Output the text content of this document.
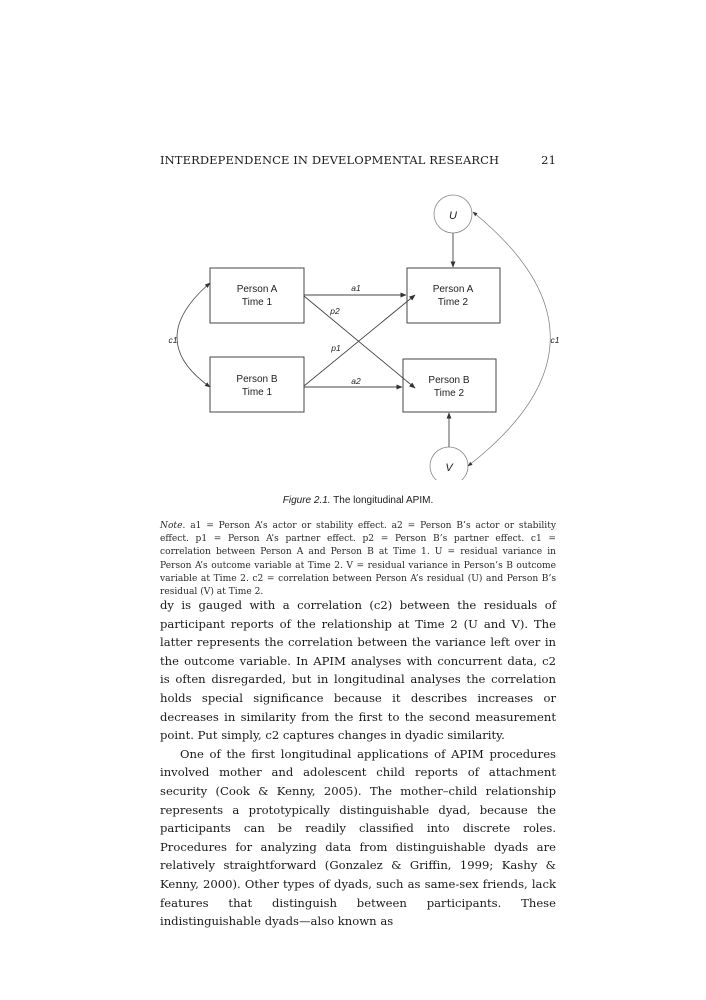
INTERDEPENDENCE IN DEVELOPMENTAL RESEARCH	21
Person A
Time 1
Person B
Time 1
Person A
Time 2
Person B
Time 2
U
V
a1
a2
p2
p1
c1	c1
Figure 2.1. The longitudinal APIM.
Note. a1 = Person A’s actor or stability effect. a2 = Person B’s actor or stability effect. p1 = Person A’s partner effect. p2 = Person B’s partner effect. c1 = correlation between Person A and Person B at Time 1. U = residual variance in Person A’s outcome variable at Time 2. V = residual variance in Person’s B outcome variable at Time 2. c2 = correlation between Person A’s residual (U) and Person B’s residual (V) at Time 2.

dy is gauged with a correlation (c2) between the residuals of participant reports of the relationship at Time 2 (U and V). The latter represents the correlation between the variance left over in the outcome variable. In APIM analyses with concurrent data, c2 is often disregarded, but in longitudinal analyses the correlation holds special significance because it describes increases or decreases in similarity from the first to the second measurement point. Put simply, c2 captures changes in dyadic similarity.

One of the first longitudinal applications of APIM procedures involved mother and adolescent child reports of attachment security (Cook & Kenny, 2005). The mother–child relationship represents a prototypically distinguishable dyad, because the participants can be readily classified into discrete roles. Procedures for analyzing data from distinguishable dyads are relatively straightforward (Gonzalez & Griffin, 1999; Kashy & Kenny, 2000). Other types of dyads, such as same-sex friends, lack features that distinguish between participants. These indistinguishable dyads—also known as
